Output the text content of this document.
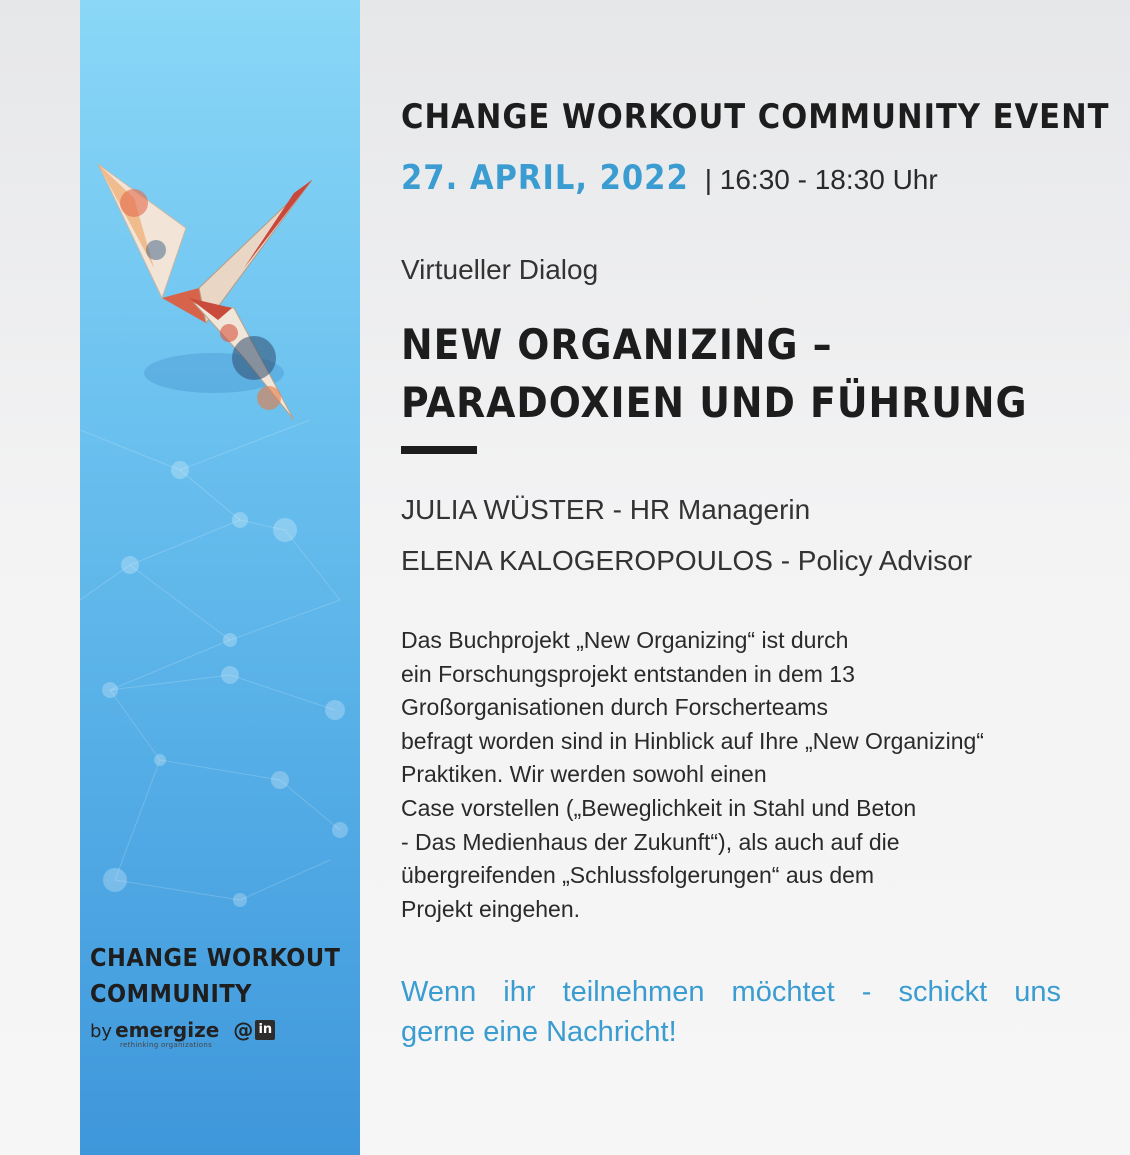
CHANGE WORKOUT
COMMUNITY

by emergize @ in
rethinking organizations
CHANGE WORKOUT COMMUNITY EVENT
27. APRIL, 2022 | 16:30 - 18:30 Uhr
Virtueller Dialog
NEW ORGANIZING –
PARADOXIEN UND FÜHRUNG
JULIA WÜSTER - HR Managerin
ELENA KALOGEROPOULOS - Policy Advisor
Das Buchprojekt „New Organizing“ ist durch
ein Forschungsprojekt entstanden in dem 13
Großorganisationen durch Forscherteams
befragt worden sind in Hinblick auf Ihre „New Organizing“
Praktiken. Wir werden sowohl einen
Case vorstellen („Beweglichkeit in Stahl und Beton
- Das Medienhaus der Zukunft“), als auch auf die
übergreifenden „Schlussfolgerungen“ aus dem
Projekt eingehen.
Wenn ihr teilnehmen möchtet - schickt uns
gerne eine Nachricht!
